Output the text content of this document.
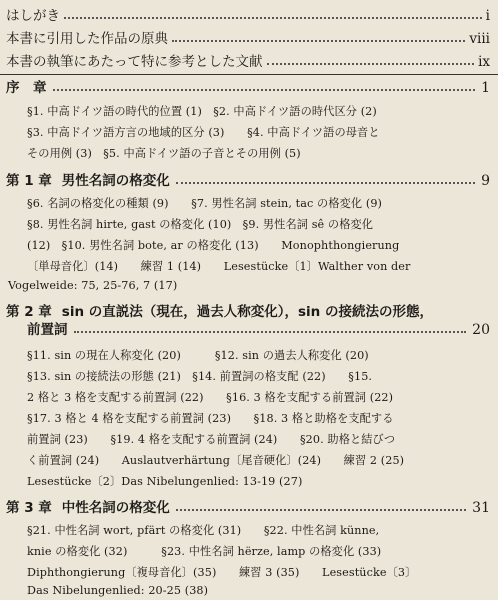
はしがき	i
本書に引用した作品の原典	viii
本書の執筆にあたって特に参考とした文献	ix
序　章	1
§1. 中高ドイツ語の時代的位置 (1)　§2. 中高ドイツ語の時代区分 (2)
§3. 中高ドイツ語方言の地域的区分 (3)　　§4. 中高ドイツ語の母音と
その用例 (3)　§5. 中高ドイツ語の子音とその用例 (5)
第 1 章 男性名詞の格変化	9
§6. 名詞の格変化の種類 (9)　　§7. 男性名詞 stein, tac の格変化 (9)
§8. 男性名詞 hirte, gast の格変化 (10)　§9. 男性名詞 sê の格変化
(12)　§10. 男性名詞 bote, ar の格変化 (13)　　Monophthongierung
〔単母音化〕(14)　　練習 1 (14)　　Lesestücke〔1〕Walther von der
Vogelweide: 75, 25-76, 7 (17)
第 2 章 sin の直説法（現在，過去人称変化），sin の接続法の形態，
前置詞	20
§11. sin の現在人称変化 (20)　　　§12. sin の過去人称変化 (20)
§13. sin の接続法の形態 (21)　§14. 前置詞の格支配 (22)　　§15.
2 格と 3 格を支配する前置詞 (22)　　§16. 3 格を支配する前置詞 (22)
§17. 3 格と 4 格を支配する前置詞 (23)　　§18. 3 格と助格を支配する
前置詞 (23)　　§19. 4 格を支配する前置詞 (24)　　§20. 助格と結びつ
く前置詞 (24)　　Auslautverhärtung〔尾音硬化〕(24)　　練習 2 (25)
Lesestücke〔2〕Das Nibelungenlied: 13-19 (27)
第 3 章 中性名詞の格変化	31
§21. 中性名詞 wort, pfärt の格変化 (31)　　§22. 中性名詞 künne,
knie の格変化 (32)　　　§23. 中性名詞 hërze, lamp の格変化 (33)
Diphthongierung〔複母音化〕(35)　　練習 3 (35)　　Lesestücke〔3〕
Das Nibelungenlied: 20-25 (38)
